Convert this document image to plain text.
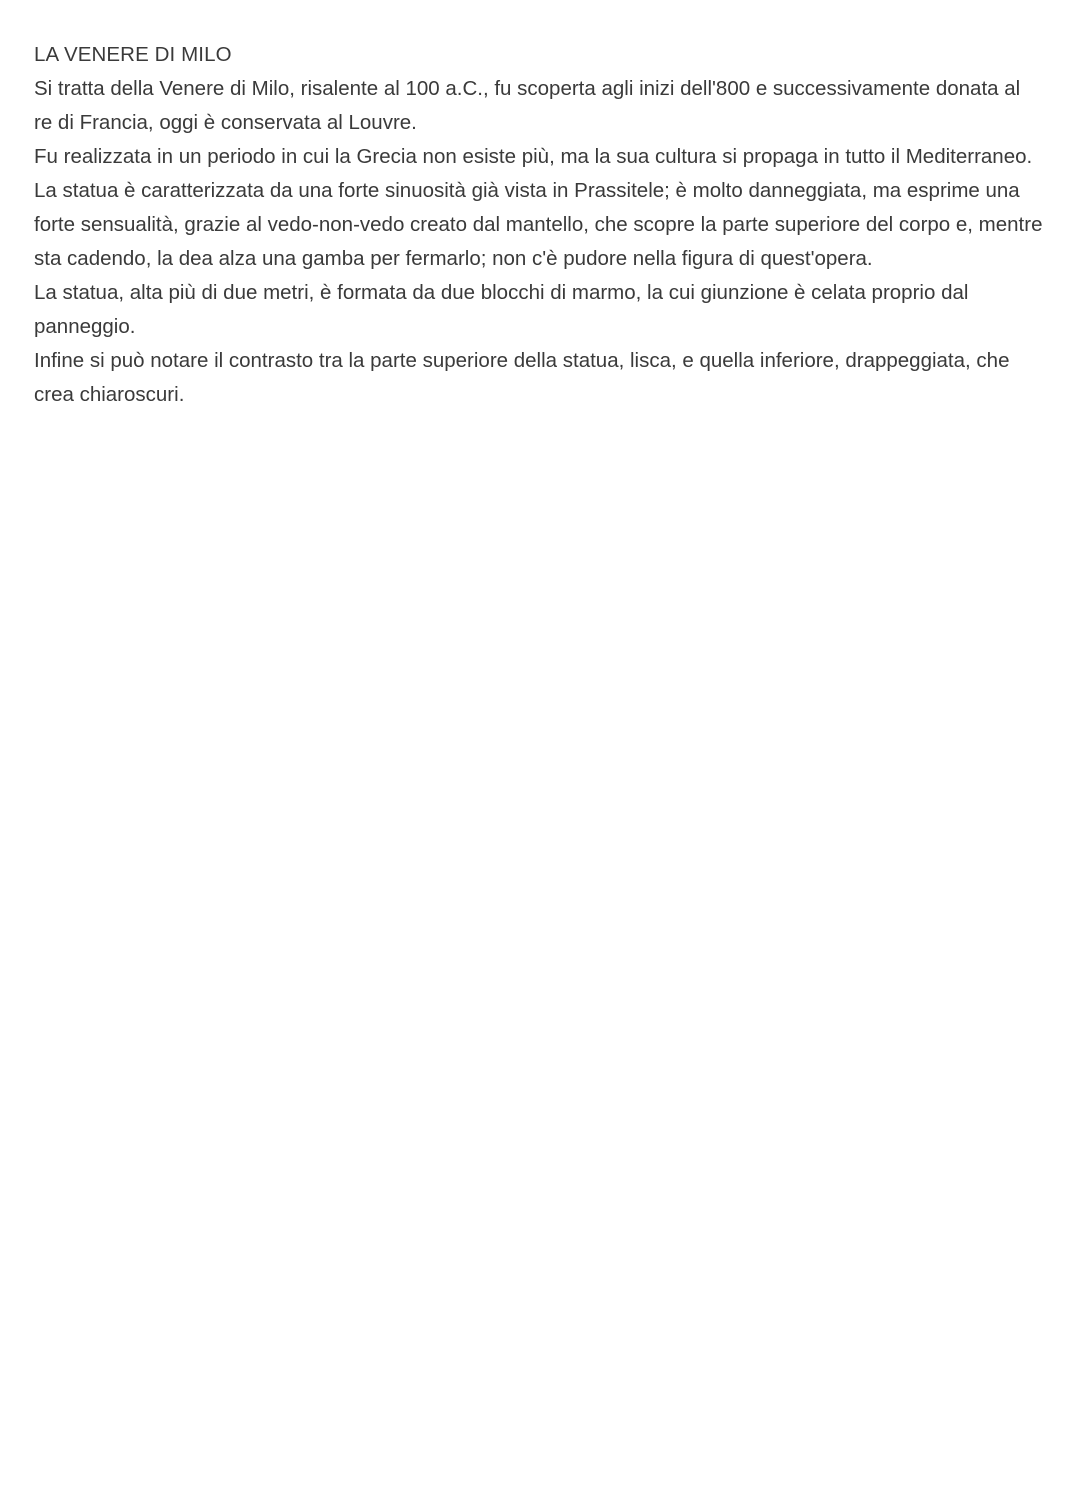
LA VENERE DI MILO

Si tratta della Venere di Milo, risalente al 100 a.C., fu scoperta agli inizi dell'800 e successivamente donata al re di Francia, oggi è conservata al Louvre.

Fu realizzata in un periodo in cui la Grecia non esiste più, ma la sua cultura si propaga in tutto il Mediterraneo.

La statua è caratterizzata da una forte sinuosità già vista in Prassitele; è molto danneggiata, ma esprime una forte sensualità, grazie al vedo-non-vedo creato dal mantello, che scopre la parte superiore del corpo e, mentre sta cadendo, la dea alza una gamba per fermarlo; non c'è pudore nella figura di quest'opera.

La statua, alta più di due metri, è formata da due blocchi di marmo, la cui giunzione è celata proprio dal panneggio.

Infine si può notare il contrasto tra la parte superiore della statua, lisca, e quella inferiore, drappeggiata, che crea chiaroscuri.
